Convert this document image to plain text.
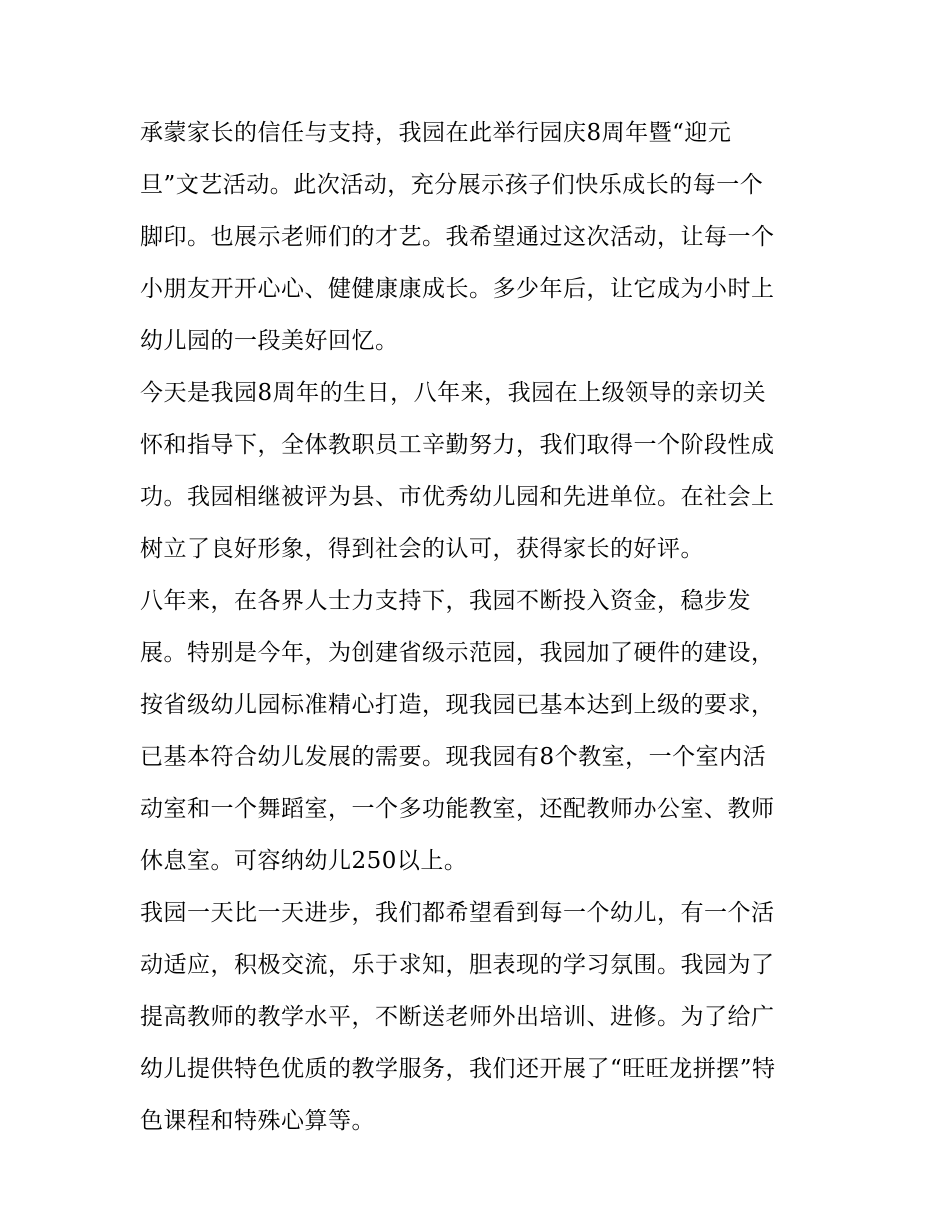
承蒙家长的信任与支持，我园在此举行园庆8周年暨“迎元
旦”文艺活动。此次活动，充分展示孩子们快乐成长的每一个
脚印。也展示老师们的才艺。我希望通过这次活动，让每一个
小朋友开开心心、健健康康成长。多少年后，让它成为小时上
幼儿园的一段美好回忆。
今天是我园8周年的生日，八年来，我园在上级领导的亲切关
怀和指导下，全体教职员工辛勤努力，我们取得一个阶段性成
功。我园相继被评为县、市优秀幼儿园和先进单位。在社会上
树立了良好形象，得到社会的认可，获得家长的好评。
八年来，在各界人士力支持下，我园不断投入资金，稳步发
展。特别是今年，为创建省级示范园，我园加了硬件的建设，
按省级幼儿园标准精心打造，现我园已基本达到上级的要求，
已基本符合幼儿发展的需要。现我园有8个教室，一个室内活
动室和一个舞蹈室，一个多功能教室，还配教师办公室、教师
休息室。可容纳幼儿250以上。
我园一天比一天进步，我们都希望看到每一个幼儿，有一个活
动适应，积极交流，乐于求知，胆表现的学习氛围。我园为了
提高教师的教学水平，不断送老师外出培训、进修。为了给广
幼儿提供特色优质的教学服务，我们还开展了“旺旺龙拼摆”特
色课程和特殊心算等。
